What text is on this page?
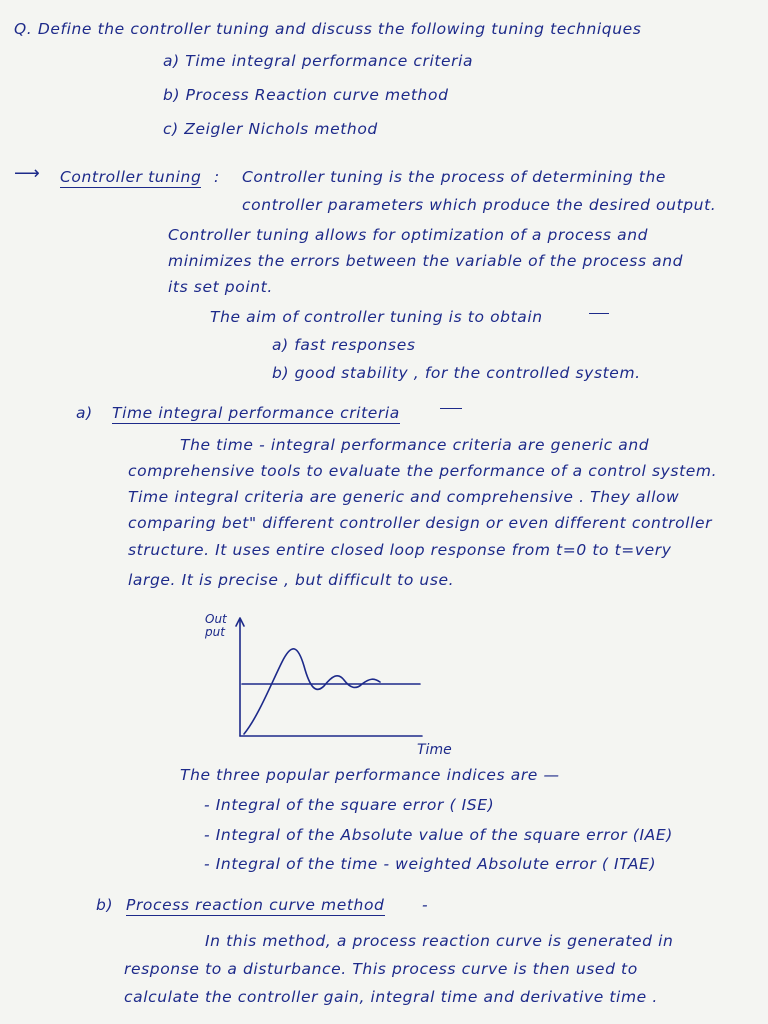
Q. Define the controller tuning and discuss the following tuning techniques
a) Time integral performance criteria
b) Process Reaction curve method
c) Zeigler Nichols method
⟶ Controller tuning : Controller tuning is the process of determining the
controller parameters which produce the desired output.
Controller tuning allows for optimization of a process and
minimizes the errors between the variable of the process and
its set point.
The aim of controller tuning is to obtain
a) fast responses
b) good stability , for the controlled system.
a) Time integral performance criteria
The time - integral performance criteria are generic and
comprehensive tools to evaluate the performance of a control system.
Time integral criteria are generic and comprehensive . They allow
comparing bet" different controller design or even different controller
structure. It uses entire closed loop response from t=0 to t=very
large. It is precise , but difficult to use.
Out
put
Time
The three popular performance indices are —
- Integral of the square error ( ISE)
- Integral of the Absolute value of the square error (IAE)
- Integral of the time - weighted Absolute error ( ITAE)
b) Process reaction curve method -
In this method, a process reaction curve is generated in
response to a disturbance. This process curve is then used to
calculate the controller gain, integral time and derivative time .
